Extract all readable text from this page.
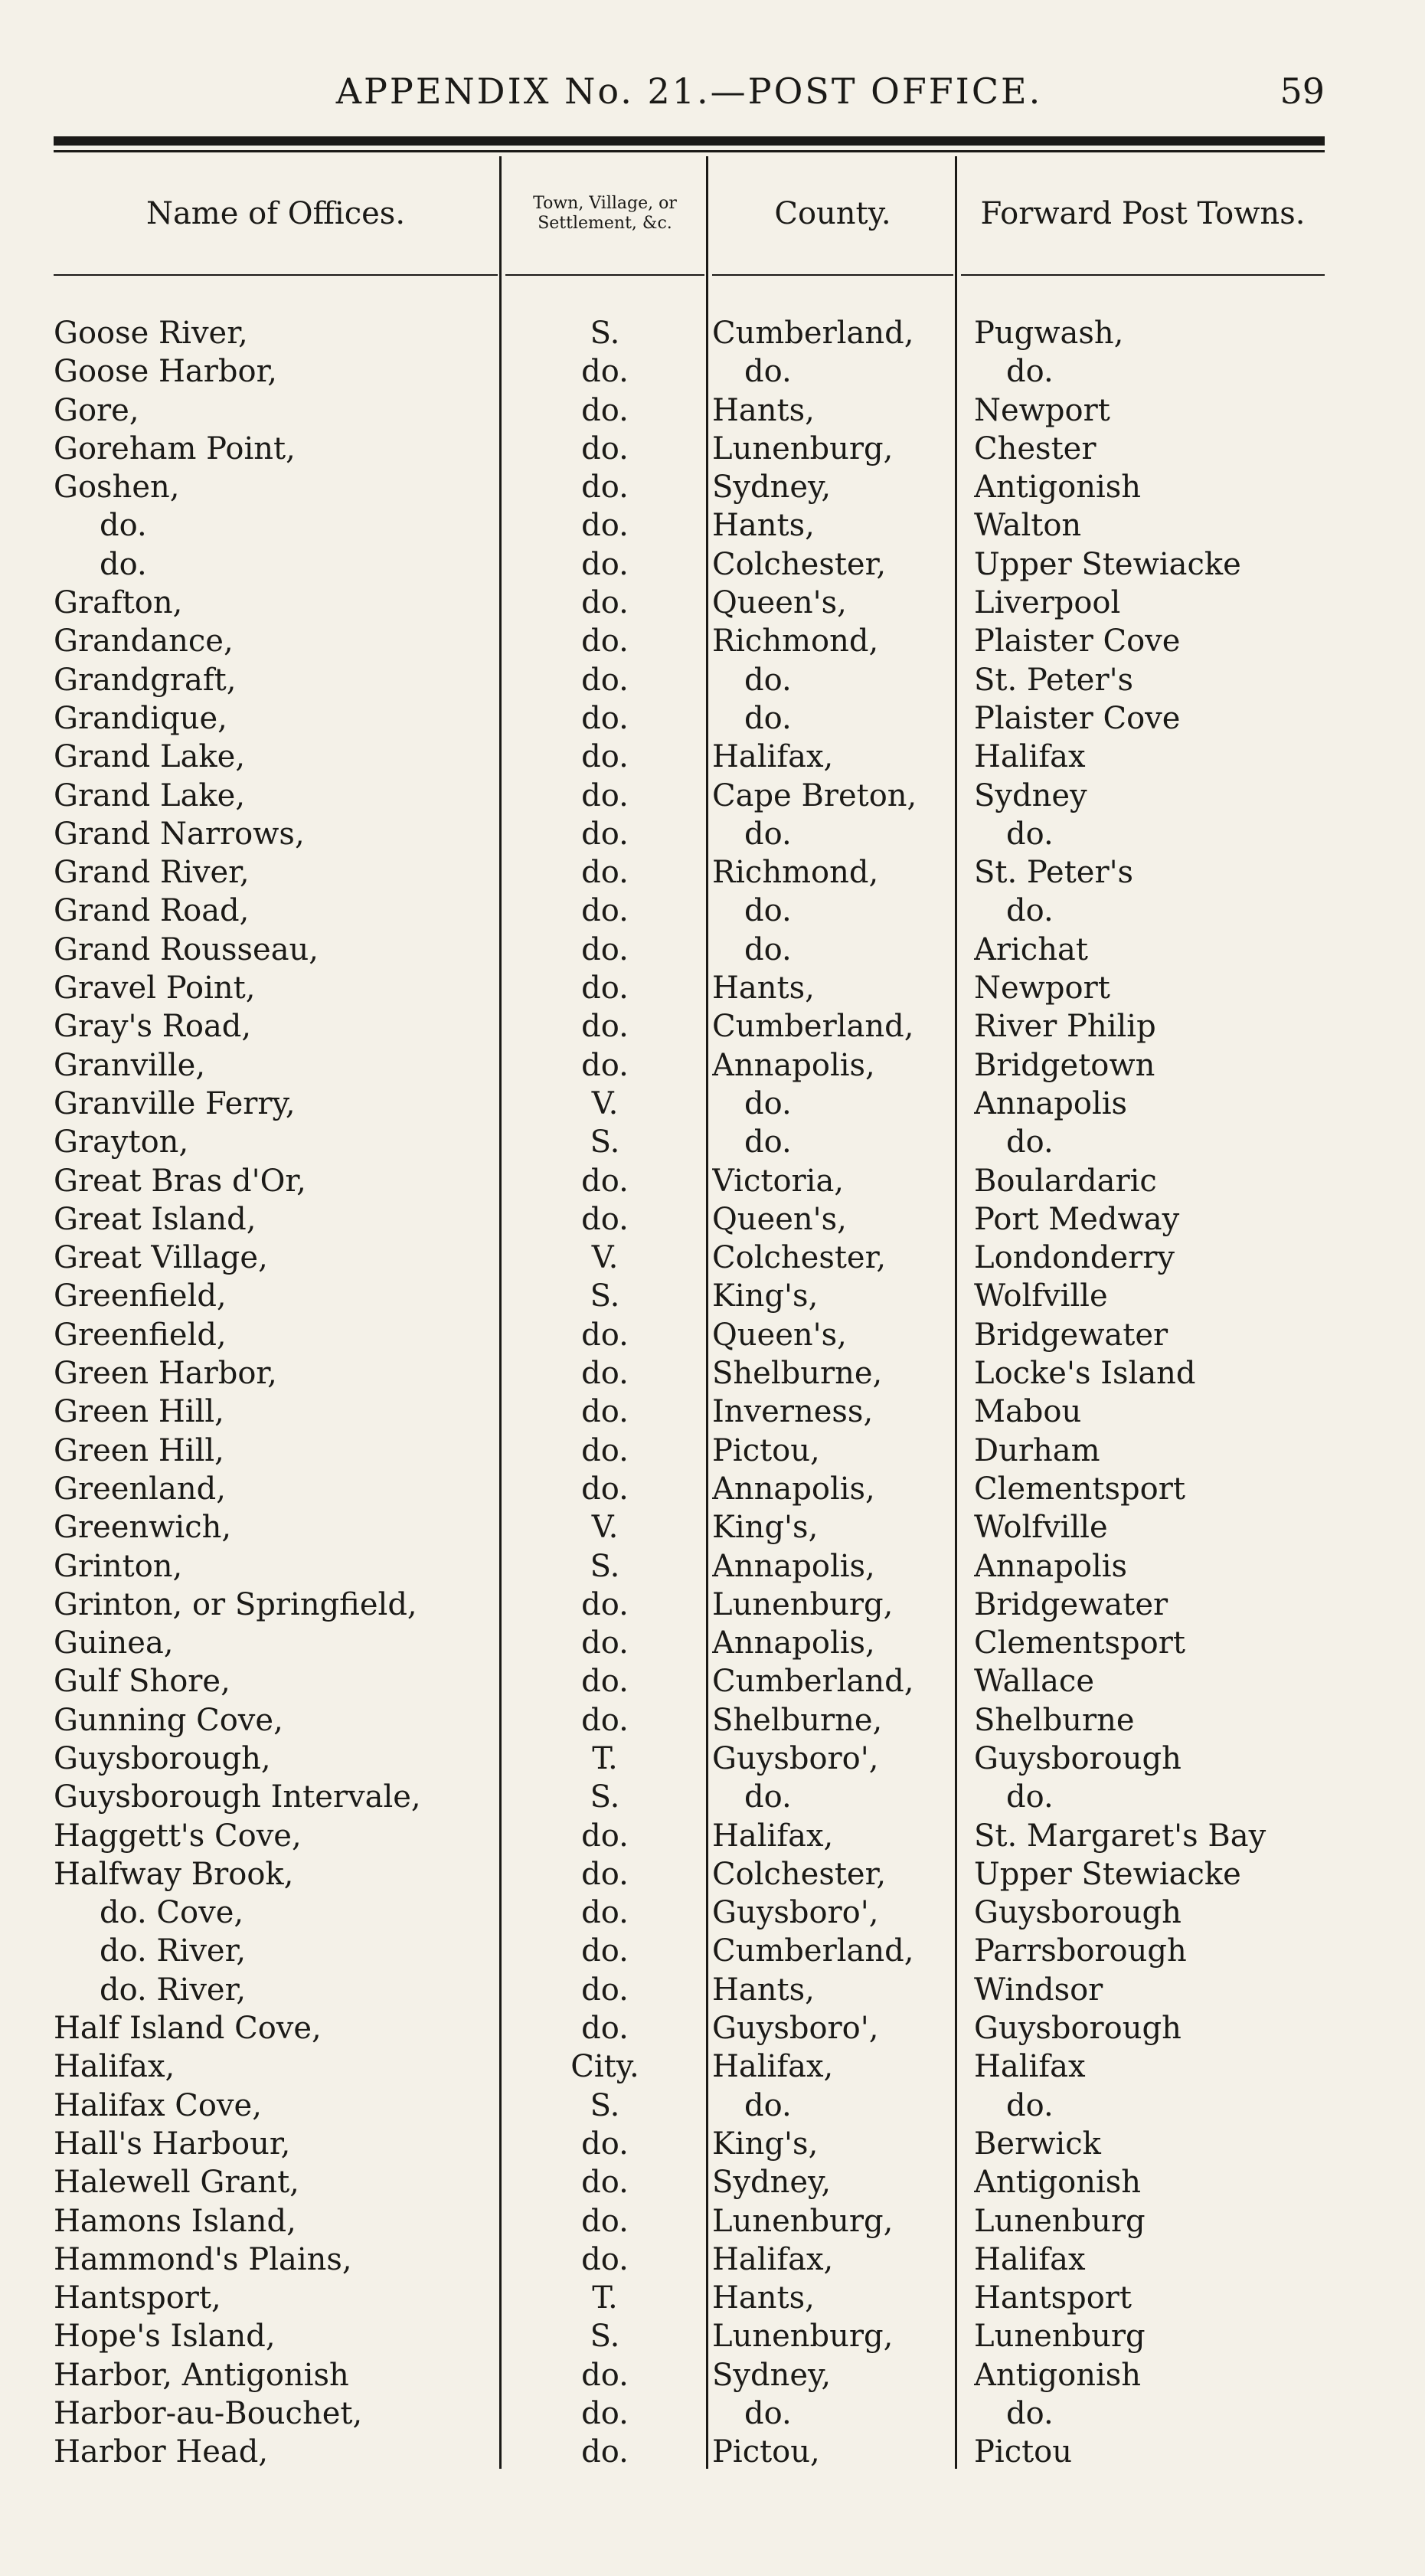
APPENDIX No. 21.—POST OFFICE.	59
Name of Offices.	Town, Village, or Settlement, &c.	County.	Forward Post Towns.
Goose River,	S.	Cumberland,	Pugwash,
Goose Harbor,	do.	do.	do.
Gore,	do.	Hants,	Newport
Goreham Point,	do.	Lunenburg,	Chester
Goshen,	do.	Sydney,	Antigonish
do.	do.	Hants,	Walton
do.	do.	Colchester,	Upper Stewiacke
Grafton,	do.	Queen's,	Liverpool
Grandance,	do.	Richmond,	Plaister Cove
Grandgraft,	do.	do.	St. Peter's
Grandique,	do.	do.	Plaister Cove
Grand Lake,	do.	Halifax,	Halifax
Grand Lake,	do.	Cape Breton,	Sydney
Grand Narrows,	do.	do.	do.
Grand River,	do.	Richmond,	St. Peter's
Grand Road,	do.	do.	do.
Grand Rousseau,	do.	do.	Arichat
Gravel Point,	do.	Hants,	Newport
Gray's Road,	do.	Cumberland,	River Philip
Granville,	do.	Annapolis,	Bridgetown
Granville Ferry,	V.	do.	Annapolis
Grayton,	S.	do.	do.
Great Bras d'Or,	do.	Victoria,	Boulardaric
Great Island,	do.	Queen's,	Port Medway
Great Village,	V.	Colchester,	Londonderry
Greenfield,	S.	King's,	Wolfville
Greenfield,	do.	Queen's,	Bridgewater
Green Harbor,	do.	Shelburne,	Locke's Island
Green Hill,	do.	Inverness,	Mabou
Green Hill,	do.	Pictou,	Durham
Greenland,	do.	Annapolis,	Clementsport
Greenwich,	V.	King's,	Wolfville
Grinton,	S.	Annapolis,	Annapolis
Grinton, or Springfield,	do.	Lunenburg,	Bridgewater
Guinea,	do.	Annapolis,	Clementsport
Gulf Shore,	do.	Cumberland,	Wallace
Gunning Cove,	do.	Shelburne,	Shelburne
Guysborough,	T.	Guysboro',	Guysborough
Guysborough Intervale,	S.	do.	do.
Haggett's Cove,	do.	Halifax,	St. Margaret's Bay
Halfway Brook,	do.	Colchester,	Upper Stewiacke
do. Cove,	do.	Guysboro',	Guysborough
do. River,	do.	Cumberland,	Parrsborough
do. River,	do.	Hants,	Windsor
Half Island Cove,	do.	Guysboro',	Guysborough
Halifax,	City.	Halifax,	Halifax
Halifax Cove,	S.	do.	do.
Hall's Harbour,	do.	King's,	Berwick
Halewell Grant,	do.	Sydney,	Antigonish
Hamons Island,	do.	Lunenburg,	Lunenburg
Hammond's Plains,	do.	Halifax,	Halifax
Hantsport,	T.	Hants,	Hantsport
Hope's Island,	S.	Lunenburg,	Lunenburg
Harbor, Antigonish	do.	Sydney,	Antigonish
Harbor-au-Bouchet,	do.	do.	do.
Harbor Head,	do.	Pictou,	Pictou
